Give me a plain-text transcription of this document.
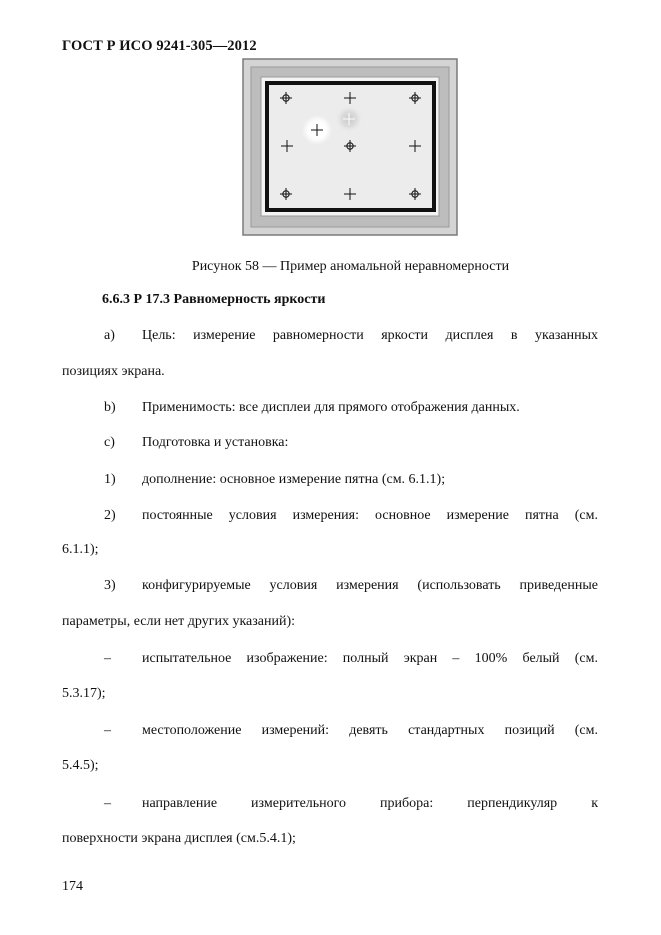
ГОСТ Р ИСО 9241-305—2012
Рисунок 58 — Пример аномальной неравномерности
6.6.3 Р 17.3 Равномерность яркости
a) Цель: измерение равномерности яркости дисплея в указанных
позициях экрана.
b) Применимость: все дисплеи для прямого отображения данных.
c) Подготовка и установка:
1) дополнение: основное измерение пятна (см. 6.1.1);
2) постоянные условия измерения: основное измерение пятна (см.
6.1.1);
3) конфигурируемые условия измерения (использовать приведенные
параметры, если нет других указаний):
– испытательное изображение: полный экран – 100% белый (см.
5.3.17);
– местоположение измерений: девять стандартных позиций (см.
5.4.5);
– направление измерительного прибора: перпендикуляр к
поверхности экрана дисплея (см.5.4.1);
174
